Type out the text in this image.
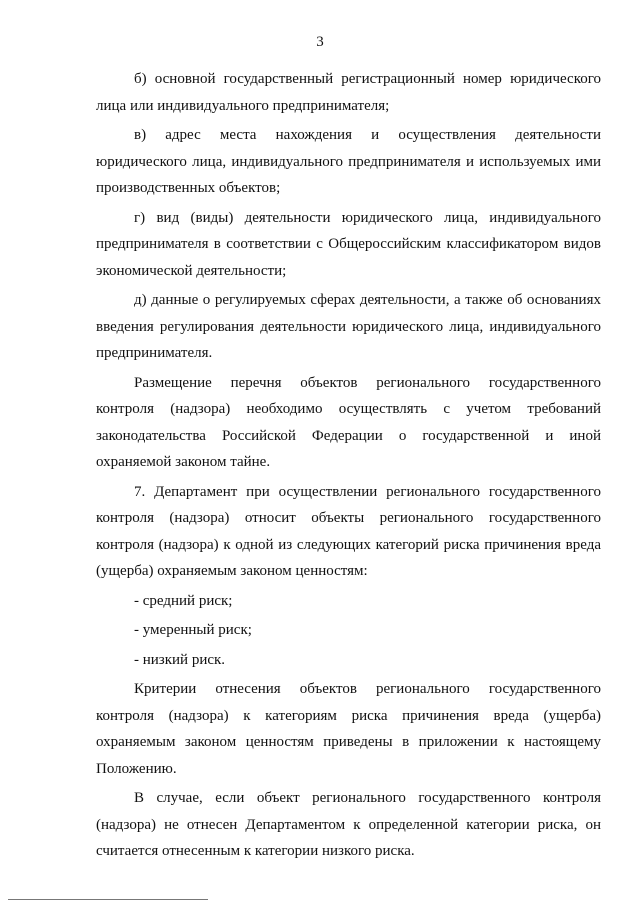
3

б) основной государственный регистрационный номер юридического лица или индивидуального предпринимателя;

в) адрес места нахождения и осуществления деятельности юридического лица, индивидуального предпринимателя и используемых ими производственных объектов;

г) вид (виды) деятельности юридического лица, индивидуального предпринимателя в соответствии с Общероссийским классификатором видов экономической деятельности;

д) данные о регулируемых сферах деятельности, а также об основаниях введения регулирования деятельности юридического лица, индивидуального предпринимателя.

Размещение перечня объектов регионального государственного контроля (надзора) необходимо осуществлять с учетом требований законодательства Российской Федерации о государственной и иной охраняемой законом тайне.

7. Департамент при осуществлении регионального государственного контроля (надзора) относит объекты регионального государственного контроля (надзора) к одной из следующих категорий риска причинения вреда (ущерба) охраняемым законом ценностям:

- средний риск;

- умеренный риск;

- низкий риск.

Критерии отнесения объектов регионального государственного контроля (надзора) к категориям риска причинения вреда (ущерба) охраняемым законом ценностям приведены в приложении к настоящему Положению.

В случае, если объект регионального государственного контроля (надзора) не отнесен Департаментом к определенной категории риска, он считается отнесенным к категории низкого риска.
